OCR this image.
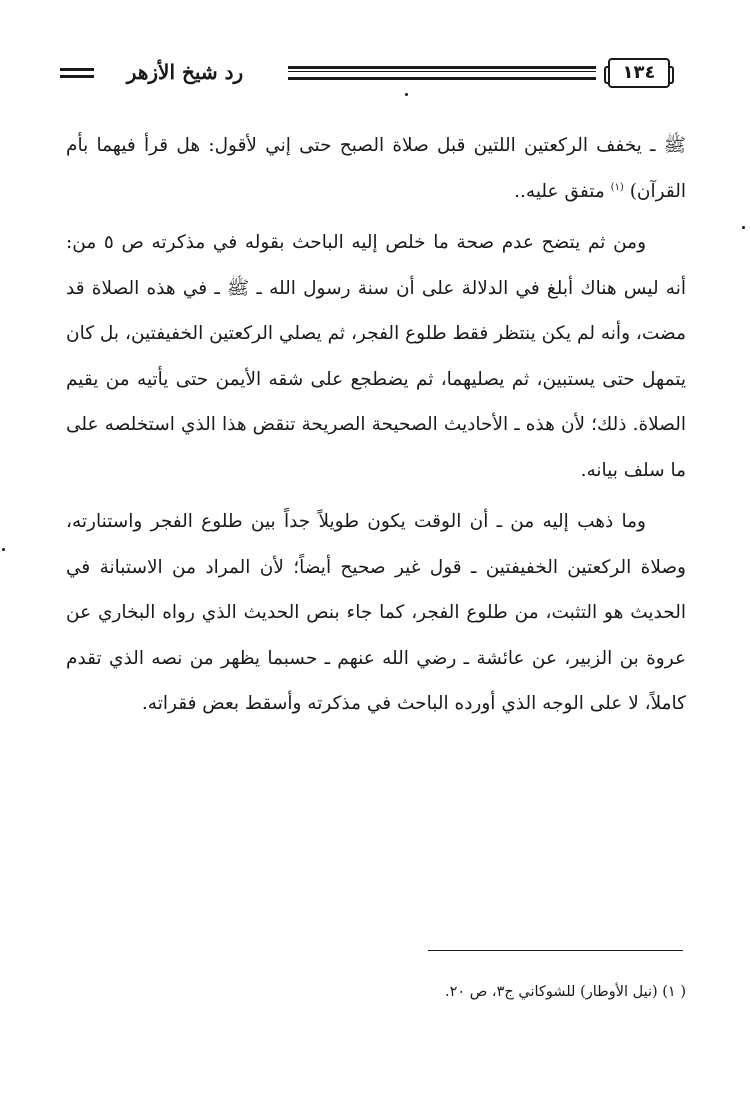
رد شيخ الأزهر	١٣٤

ﷺ ـ يخفف الركعتين اللتين قبل صلاة الصبح حتى إني لأقول: هل قرأ فيهما بأم القرآن) $^{(١)}$ متفق عليه..

ومن ثم يتضح عدم صحة ما خلص إليه الباحث بقوله في مذكرته ص ٥ من: أنه ليس هناك أبلغ في الدلالة على أن سنة رسول الله ـ ﷺ ـ في هذه الصلاة قد مضت، وأنه لم يكن ينتظر فقط طلوع الفجر، ثم يصلي الركعتين الخفيفتين، بل كان يتمهل حتى يستبين، ثم يصليهما، ثم يضطجع على شقه الأيمن حتى يأتيه من يقيم الصلاة. ذلك؛ لأن هذه ـ الأحاديث الصحيحة الصريحة تنقض هذا الذي استخلصه على ما سلف بيانه.

وما ذهب إليه من ـ أن الوقت يكون طويلاً جداً بين طلوع الفجر واستنارته، وصلاة الركعتين الخفيفتين ـ قول غير صحيح أيضاً؛ لأن المراد من الاستبانة في الحديث هو التثبت، من طلوع الفجر، كما جاء بنص الحديث الذي رواه البخاري عن عروة بن الزبير، عن عائشة ـ رضي الله عنهم ـ حسبما يظهر من نصه الذي تقدم كاملاً، لا على الوجه الذي أورده الباحث في مذكرته وأسقط بعض فقراته.

( ١) (نيل الأوطار) للشوكاني ج٣، ص ٢٠.
